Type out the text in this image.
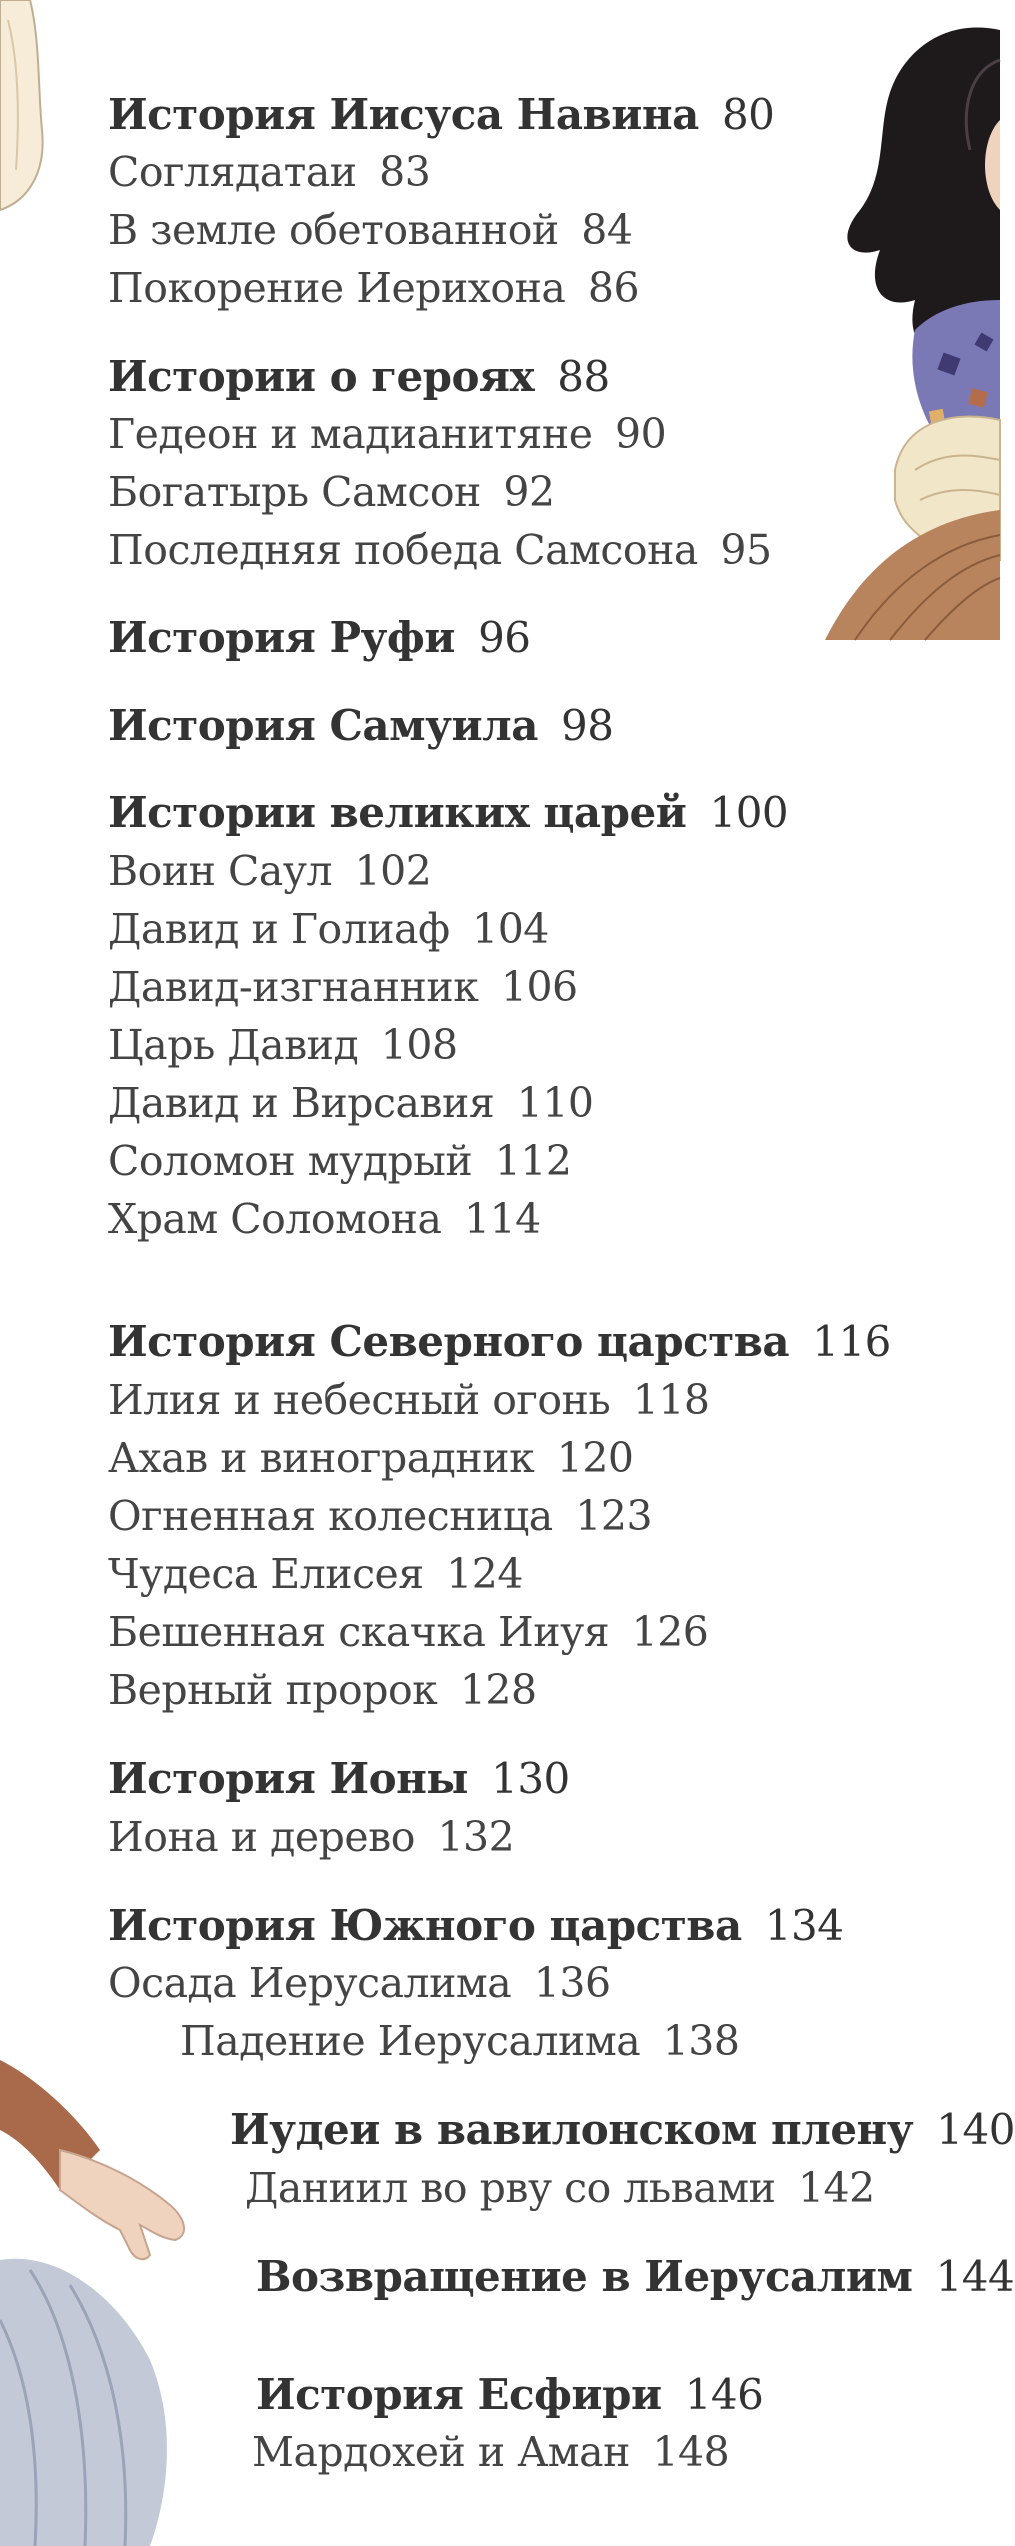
История Иисуса Навина 80
Соглядатаи 83
В земле обетованной 84
Покорение Иерихона 86
Истории о героях 88
Гедеон и мадианитяне 90
Богатырь Самсон 92
Последняя победа Самсона 95
История Руфи 96
История Самуила 98
Истории великих царей 100
Воин Саул 102
Давид и Голиаф 104
Давид-изгнанник 106
Царь Давид 108
Давид и Вирсавия 110
Соломон мудрый 112
Храм Соломона 114
История Северного царства 116
Илия и небесный огонь 118
Ахав и виноградник 120
Огненная колесница 123
Чудеса Елисея 124
Бешенная скачка Ииуя 126
Верный пророк 128
История Ионы 130
Иона и дерево 132
История Южного царства 134
Осада Иерусалима 136
Падение Иерусалима 138
Иудеи в вавилонском плену 140
Даниил во рву со львами 142
Возвращение в Иерусалим 144
История Есфири 146
Мардохей и Аман 148
